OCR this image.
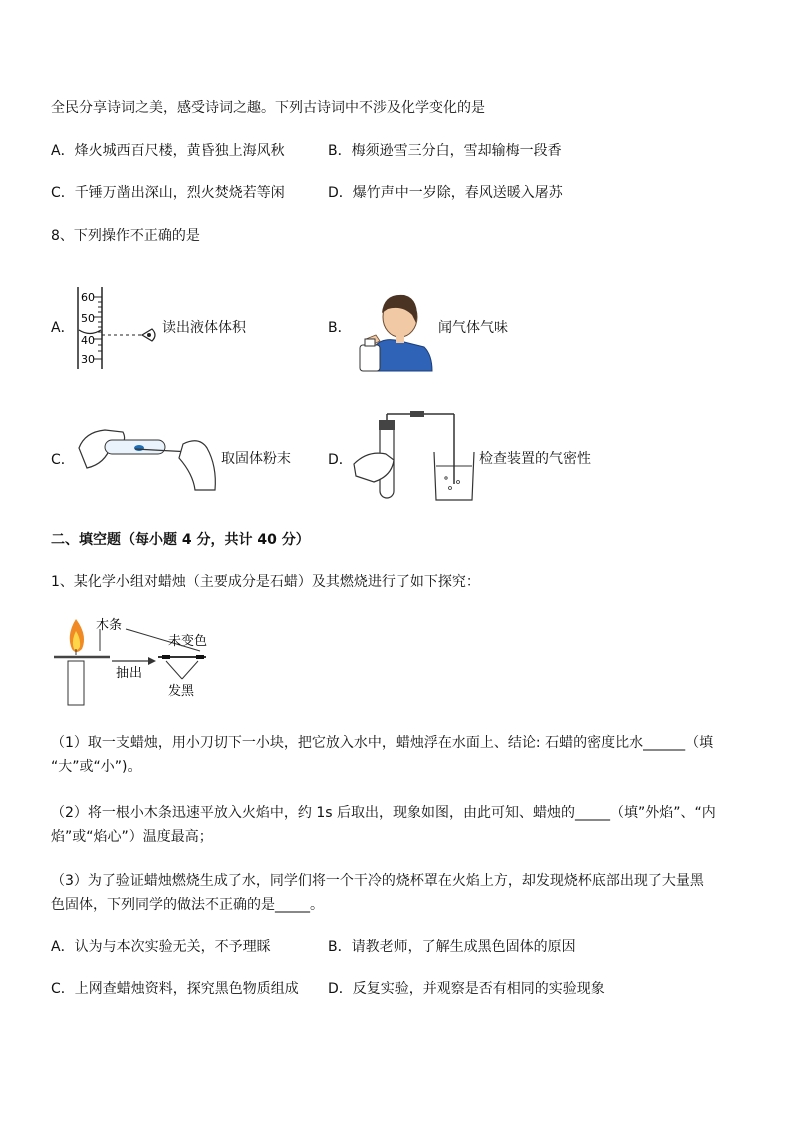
全民分享诗词之美，感受诗词之趣。下列古诗词中不涉及化学变化的是
A．烽火城西百尺楼，黄昏独上海风秋	B．梅须逊雪三分白，雪却输梅一段香
C．千锤万凿出深山，烈火焚烧若等闲	D．爆竹声中一岁除，春风送暖入屠苏
8、下列操作不正确的是
A．
60
50
40
30
读出液体体积	B．	闻气体气味
C．	取固体粉末	D．	检查装置的气密性
二、填空题（每小题 4 分，共计 40 分）
1、某化学小组对蜡烛（主要成分是石蜡）及其燃烧进行了如下探究：
木条
抽出
未变色
发黑
（1）取一支蜡烛，用小刀切下一小块，把它放入水中，蜡烛浮在水面上、结论: 石蜡的密度比水______（填
“大”或“小”)。
（2）将一根小木条迅速平放入火焰中，约 1s 后取出，现象如图，由此可知、蜡烛的_____（填”外焰”、“内
焰”或“焰心”）温度最高；
（3）为了验证蜡烛燃烧生成了水，同学们将一个干冷的烧杯罩在火焰上方，却发现烧杯底部出现了大量黑
色固体，下列同学的做法不正确的是_____。
A．认为与本次实验无关，不予理睬	B．请教老师，了解生成黑色固体的原因
C．上网查蜡烛资料，探究黑色物质组成 D．反复实验，并观察是否有相同的实验现象
